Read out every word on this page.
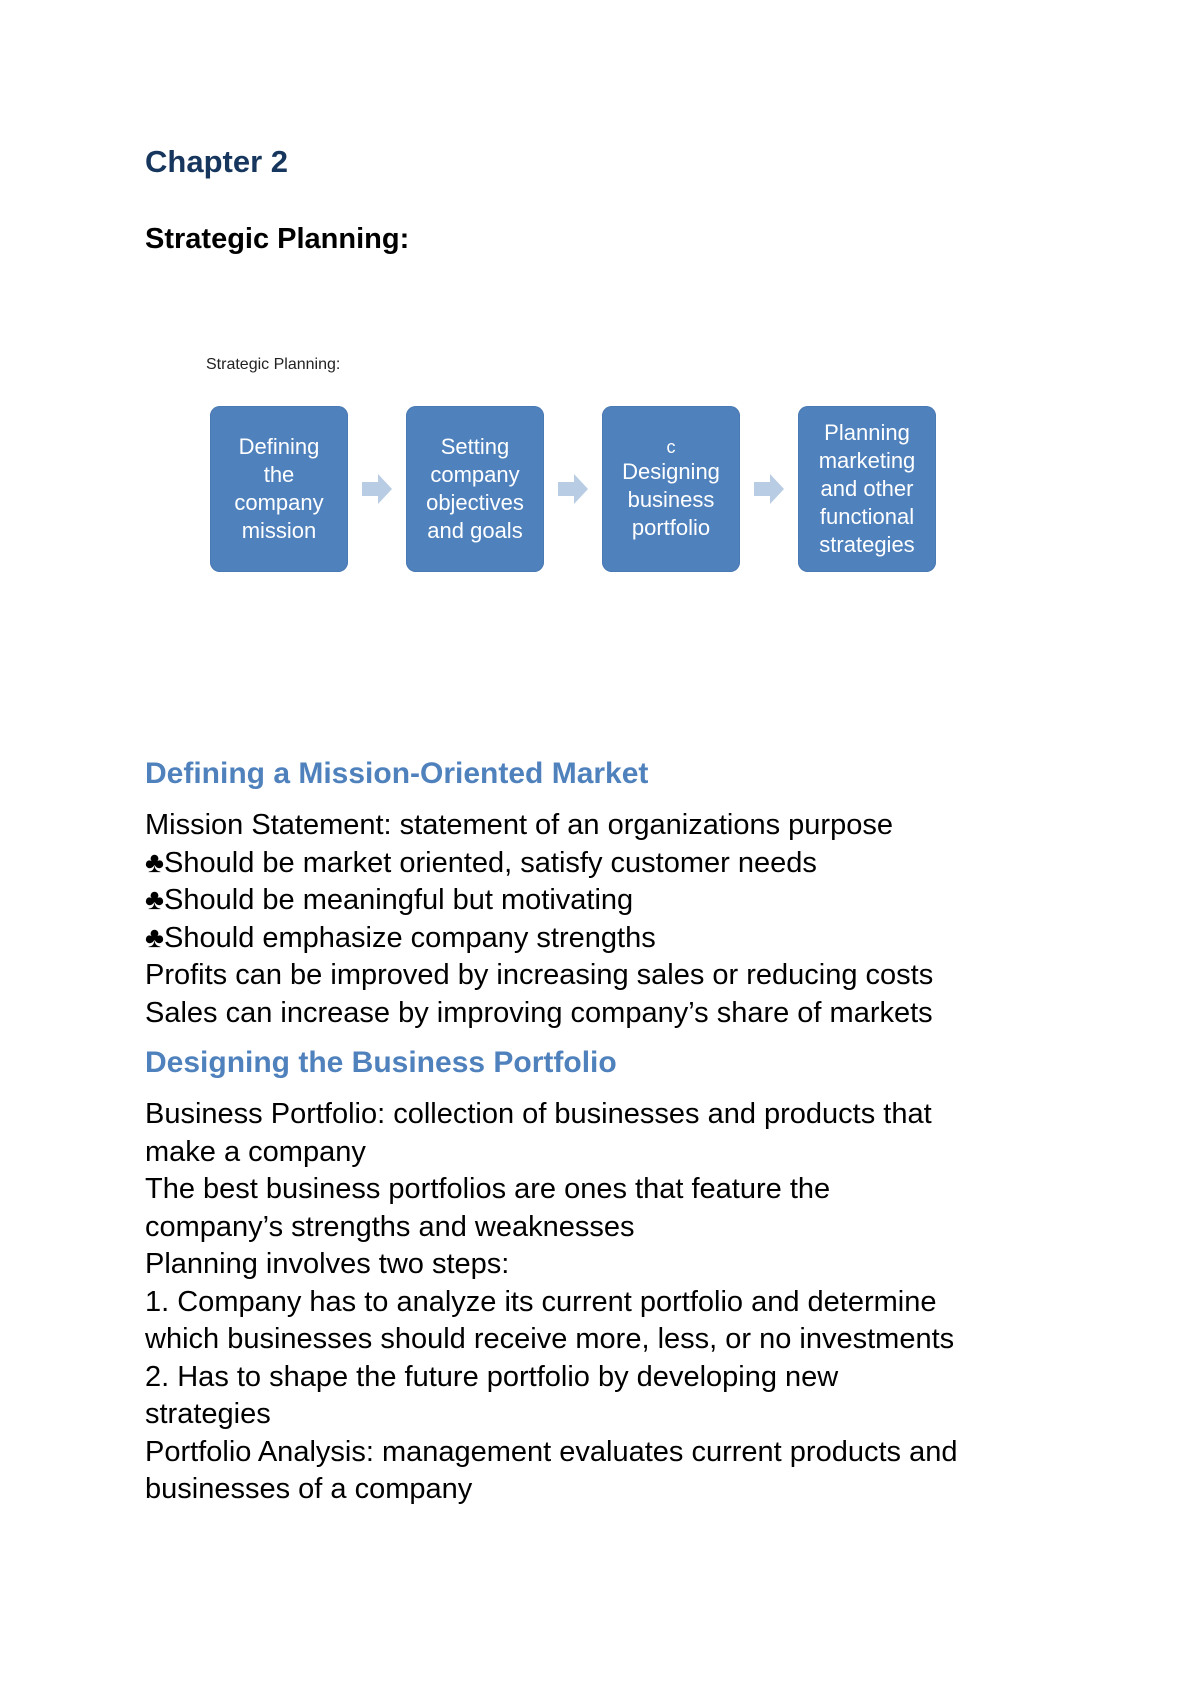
Chapter 2
Strategic Planning:
Strategic Planning:
Defining
the
company
mission
Setting
company
objectives
and goals
c
Designing
business
portfolio
Planning
marketing
and other
functional
strategies
Defining a Mission-Oriented Market

Mission Statement: statement of an organizations purpose

♣Should be market oriented, satisfy customer needs

♣Should be meaningful but motivating

♣Should emphasize company strengths

Profits can be improved by increasing sales or reducing costs

Sales can increase by improving company’s share of markets

Designing the Business Portfolio

Business Portfolio: collection of businesses and products that

make a company

The best business portfolios are ones that feature the

company’s strengths and weaknesses

Planning involves two steps:

1. Company has to analyze its current portfolio and determine

which businesses should receive more, less, or no investments

2. Has to shape the future portfolio by developing new

strategies

Portfolio Analysis: management evaluates current products and

businesses of a company
